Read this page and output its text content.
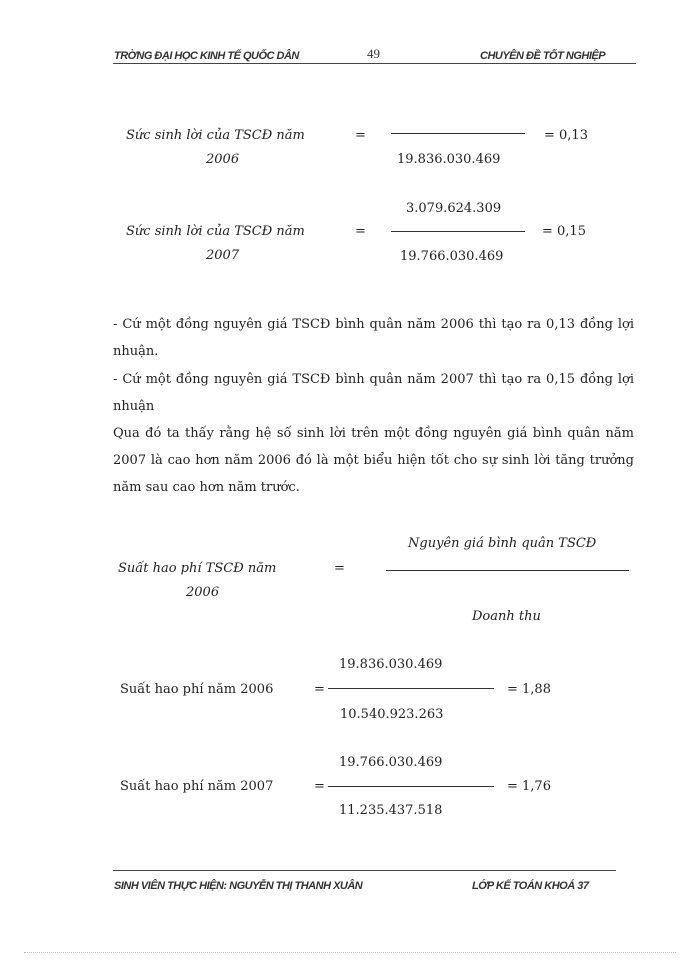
TRỜNG ĐẠI HỌC KINH TẾ QUỐC DÂN	49	CHUYÊN ĐỀ TỐT NGHIỆP
Sức sinh lời của TSCĐ năm
2006
=
19.836.030.469
= 0,13
3.079.624.309
Sức sinh lời của TSCĐ năm
2007
=
19.766.030.469
= 0,15
- Cứ một đồng nguyên giá TSCĐ bình quân năm 2006 thì tạo ra 0,13 đồng lợi nhuận.
- Cứ một đồng nguyên giá TSCĐ bình quân năm 2007 thì tạo ra 0,15 đồng lợi nhuận
Qua đó ta thấy rằng hệ số sinh lời trên một đồng nguyên giá bình quân năm 2007 là cao hơn năm 2006 đó là một biểu hiện tốt cho sự sinh lời tăng trưởng năm sau cao hơn năm trước.
Nguyên giá bình quân TSCĐ
Suất hao phí TSCĐ năm
2006
=
Doanh thu
19.836.030.469
Suất hao phí năm 2006	=	= 1,88
10.540.923.263
19.766.030.469
Suất hao phí năm 2007	=	= 1,76
11.235.437.518
SINH VIÊN THỰC HIỆN: NGUYỄN THỊ THANH XUÂN	LỚP KẾ TOÁN KHOÁ 37
